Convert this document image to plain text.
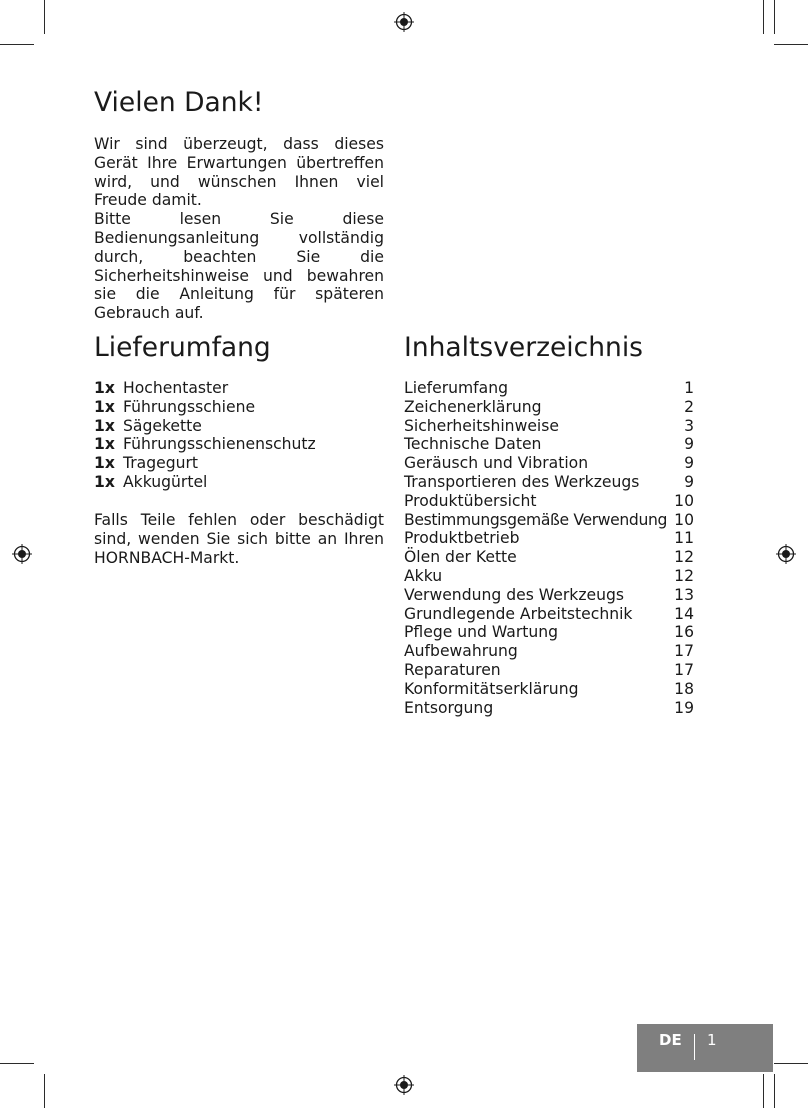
Vielen Dank!

Wir sind überzeugt, dass dieses Gerät Ihre Erwartungen übertreffen wird, und wünschen Ihnen viel Freude damit.

Bitte lesen Sie diese Bedienungsanleitung vollständig durch, beachten Sie die Sicherheitshinweise und bewahren sie die Anleitung für späteren Gebrauch auf.

Lieferumfang
1x Hochentaster
1x Führungsschiene
1x Sägekette
1x Führungsschienenschutz
1x Tragegurt
1x Akkugürtel

Falls Teile fehlen oder beschädigt sind, wenden Sie sich bitte an Ihren HORNBACH-Markt.

Inhaltsverzeichnis
Lieferumfang	1
Zeichenerklärung	2
Sicherheitshinweise	3
Technische Daten	9
Geräusch und Vibration	9
Transportieren des Werkzeugs	9
Produktübersicht	10
Bestimmungsgemäße Verwendung 10
Produktbetrieb	11
Ölen der Kette	12
Akku	12
Verwendung des Werkzeugs	13
Grundlegende Arbeitstechnik	14
Pflege und Wartung	16
Aufbewahrung	17
Reparaturen	17
Konformitätserklärung	18
Entsorgung	19
DE 1
